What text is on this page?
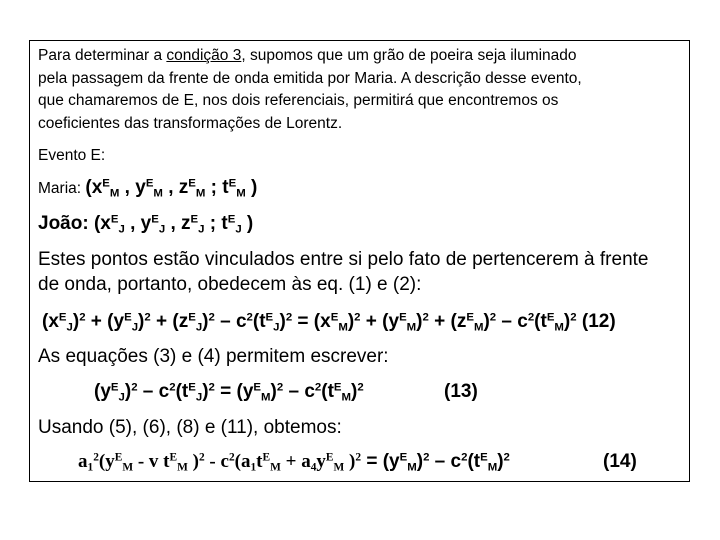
Para determinar a condição 3, supomos que um grão de poeira seja iluminado
pela passagem da frente de onda emitida por Maria. A descrição desse evento,
que chamaremos de E, nos dois referenciais, permitirá que encontremos os
coeficientes das transformações de Lorentz.
Evento E:
Maria: ($x^E_M$ , $y^E_M$ , $z^E_M$ ; $t^E_M$ )
João: ($x^E_J$ , $y^E_J$ , $z^E_J$ ; $t^E_J$ )
Estes pontos estão vinculados entre si pelo fato de pertencerem à frente
de onda, portanto, obedecem às eq. (1) e (2):
$(x^E_J)^2 + (y^E_J)^2 + (z^E_J)^2 - c^2(t^E_J)^2 = (x^E_M)^2 + (y^E_M)^2 + (z^E_M)^2 - c^2(t^E_M)^2$ (12)
As equações (3) e (4) permitem escrever:
$(y^E_J)^2 - c^2(t^E_J)^2 = (y^E_M)^2 - c^2(t^E_M)^2$	(13)
Usando (5), (6), (8) e (11), obtemos:
$a_1^2(y^E_M$ - v $t^E_M$ )$^2 - c^2(a_1t^E_M + a_4y^E_M$ )$^2 = (y^E_M)^2 - c^2(t^E_M)^2$	(14)
